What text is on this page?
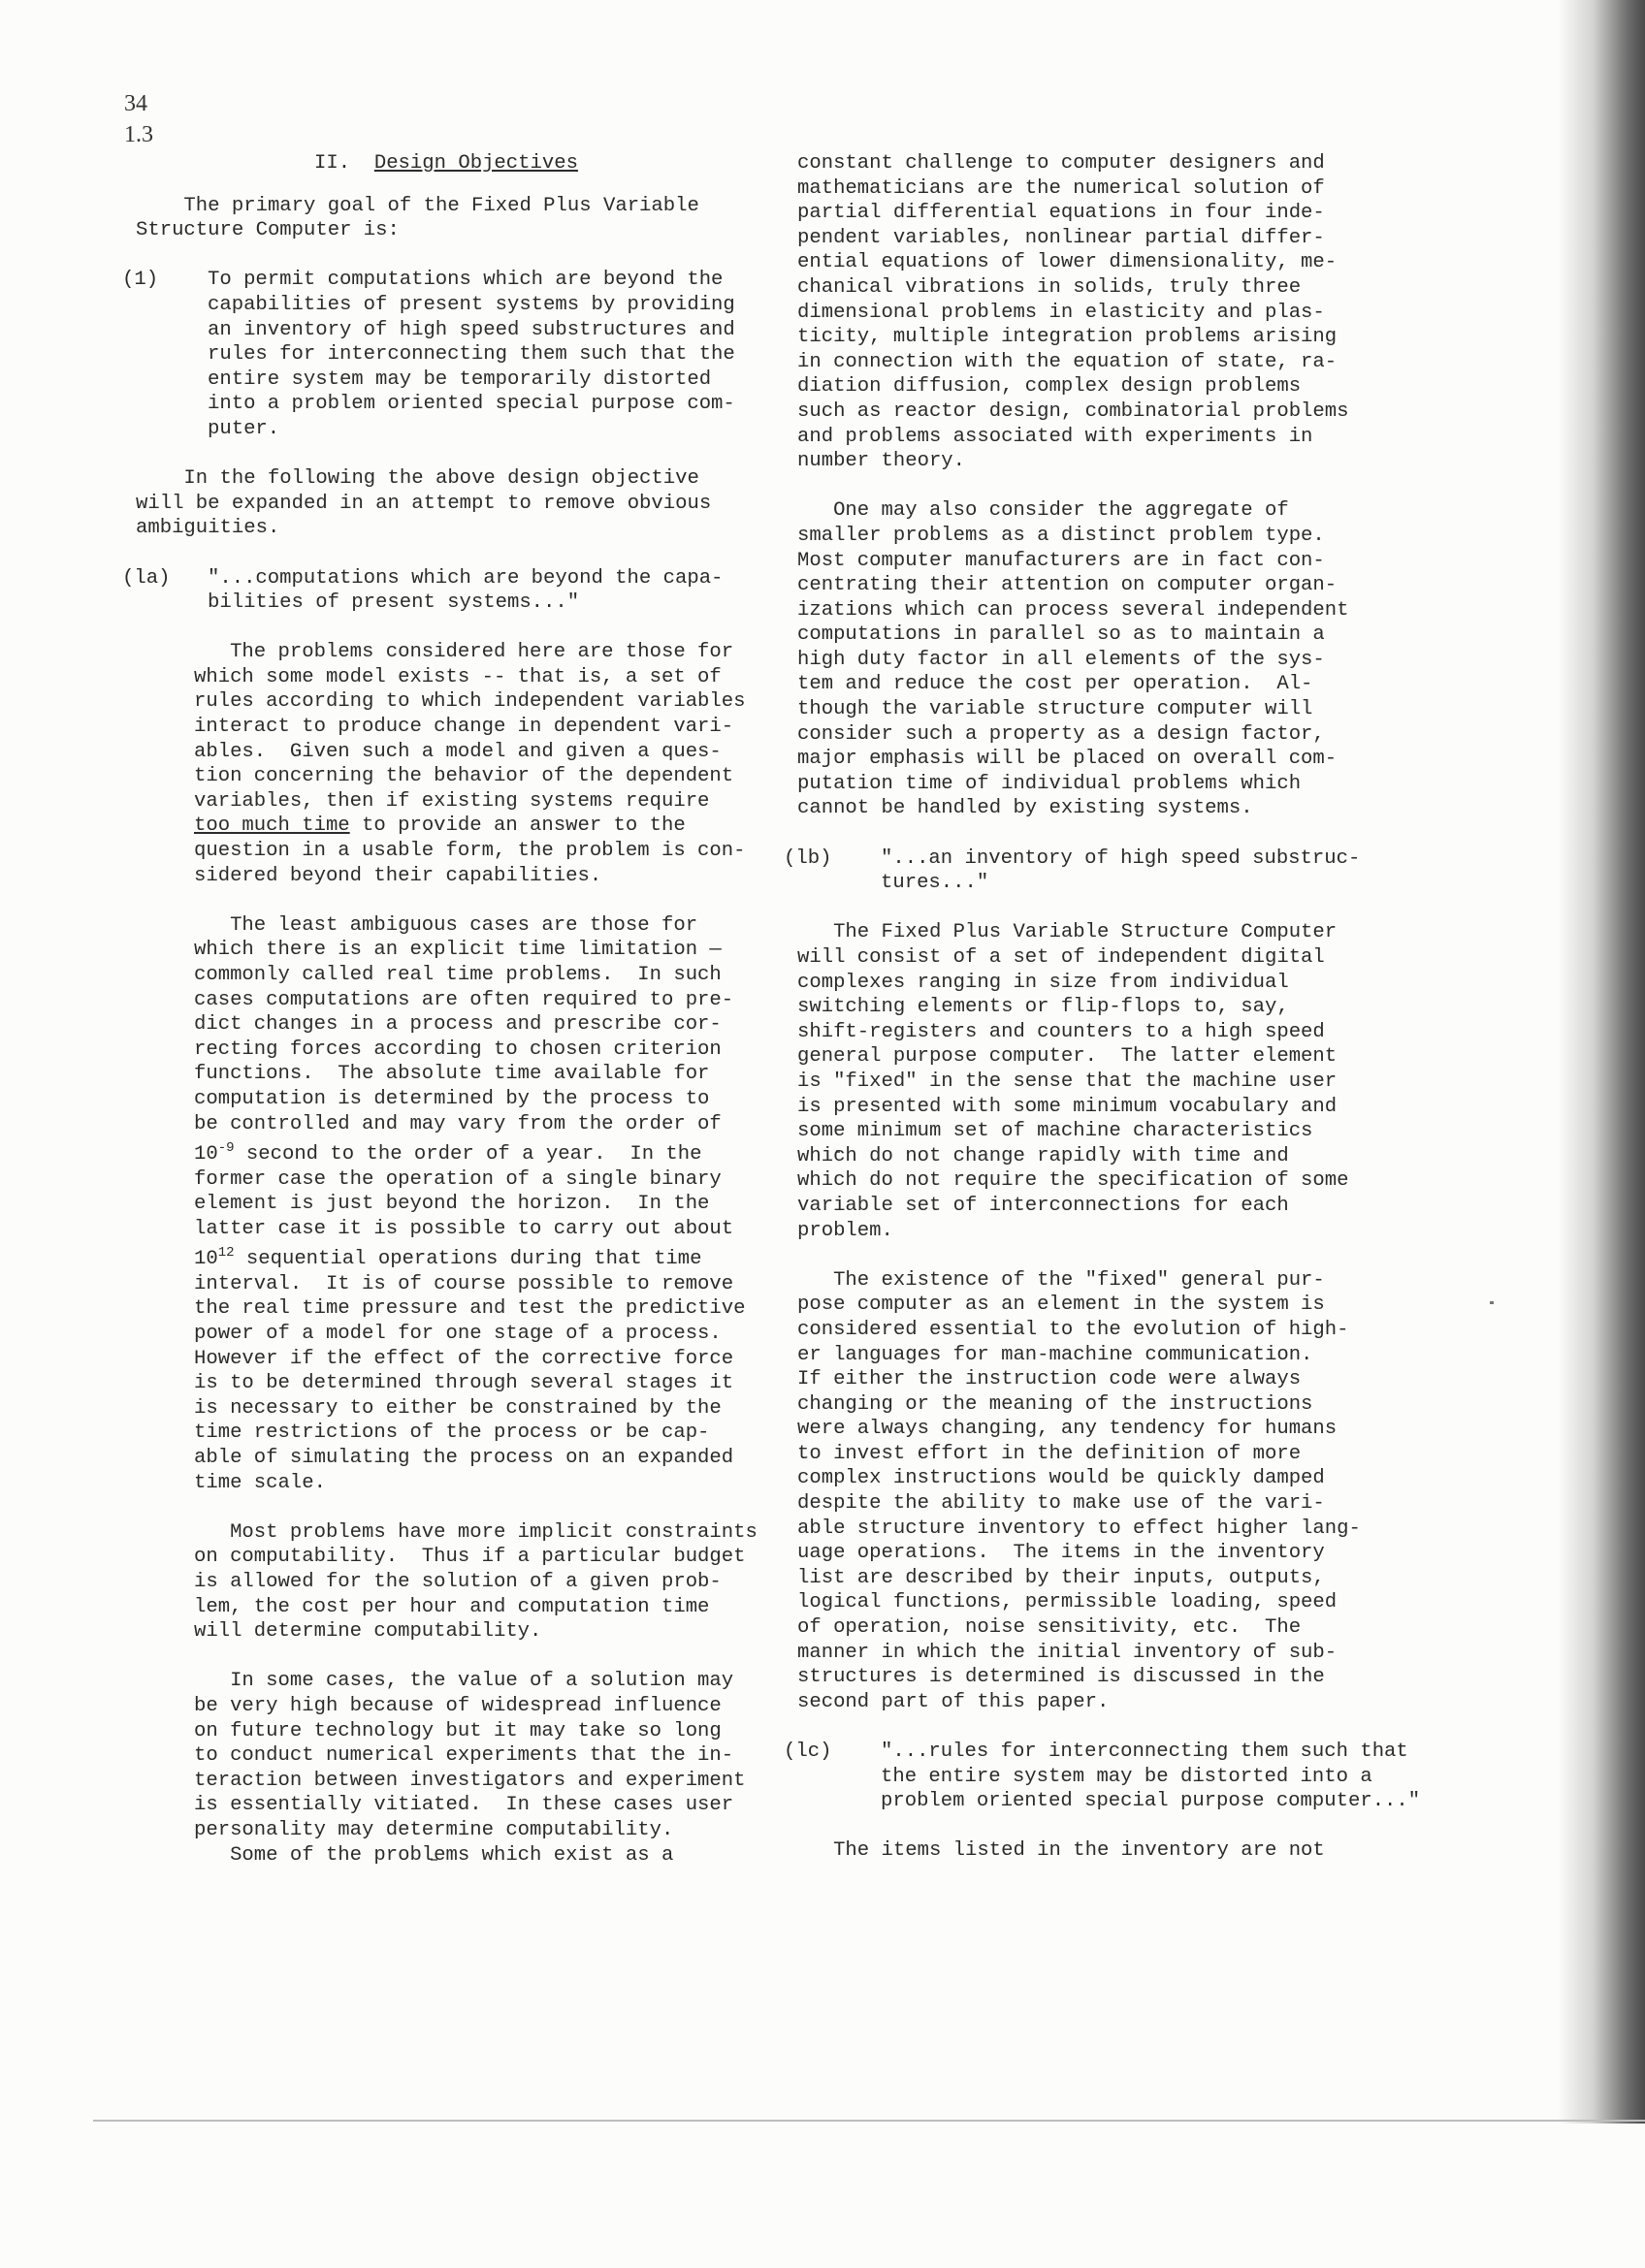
34
1.3

II. Design Objectives

The primary goal of the Fixed Plus Variable

Structure Computer is:

(1) To permit computations which are beyond the

capabilities of present systems by providing

an inventory of high speed substructures and

rules for interconnecting them such that the

entire system may be temporarily distorted

into a problem oriented special purpose com-

puter.

In the following the above design objective

will be expanded in an attempt to remove obvious

ambiguities.

(la) "...computations which are beyond the capa-

bilities of present systems..."

The problems considered here are those for

which some model exists -- that is, a set of

rules according to which independent variables

interact to produce change in dependent vari-

ables.  Given such a model and given a ques-

tion concerning the behavior of the dependent

variables, then if existing systems require

too much time to provide an answer to the

question in a usable form, the problem is con-

sidered beyond their capabilities.

The least ambiguous cases are those for

which there is an explicit time limitation —

commonly called real time problems.  In such

cases computations are often required to pre-

dict changes in a process and prescribe cor-

recting forces according to chosen criterion

functions.  The absolute time available for

computation is determined by the process to

be controlled and may vary from the order of

$10^{-9}$ second to the order of a year.  In the

former case the operation of a single binary

element is just beyond the horizon.  In the

latter case it is possible to carry out about

$10^{12}$ sequential operations during that time

interval.  It is of course possible to remove

the real time pressure and test the predictive

power of a model for one stage of a process.

However if the effect of the corrective force

is to be determined through several stages it

is necessary to either be constrained by the

time restrictions of the process or be cap-

able of simulating the process on an expanded

time scale.

Most problems have more implicit constraints

on computability.  Thus if a particular budget

is allowed for the solution of a given prob-

lem, the cost per hour and computation time

will determine computability.

In some cases, the value of a solution may

be very high because of widespread influence

on future technology but it may take so long

to conduct numerical experiments that the in-

teraction between investigators and experiment

is essentially vitiated.  In these cases user

personality may determine computability.

Some of the problems which exist as a

constant challenge to computer designers and

mathematicians are the numerical solution of

partial differential equations in four inde-

pendent variables, nonlinear partial differ-

ential equations of lower dimensionality, me-

chanical vibrations in solids, truly three

dimensional problems in elasticity and plas-

ticity, multiple integration problems arising

in connection with the equation of state, ra-

diation diffusion, complex design problems

such as reactor design, combinatorial problems

and problems associated with experiments in

number theory.

One may also consider the aggregate of

smaller problems as a distinct problem type.

Most computer manufacturers are in fact con-

centrating their attention on computer organ-

izations which can process several independent

computations in parallel so as to maintain a

high duty factor in all elements of the sys-

tem and reduce the cost per operation.  Al-

though the variable structure computer will

consider such a property as a design factor,

major emphasis will be placed on overall com-

putation time of individual problems which

cannot be handled by existing systems.

(lb) "...an inventory of high speed substruc-

tures..."

The Fixed Plus Variable Structure Computer

will consist of a set of independent digital

complexes ranging in size from individual

switching elements or flip-flops to, say,

shift-registers and counters to a high speed

general purpose computer.  The latter element

is "fixed" in the sense that the machine user

is presented with some minimum vocabulary and

some minimum set of machine characteristics

which do not change rapidly with time and

which do not require the specification of some

variable set of interconnections for each

problem.

The existence of the "fixed" general pur-

pose computer as an element in the system is

considered essential to the evolution of high-

er languages for man-machine communication.

If either the instruction code were always

changing or the meaning of the instructions

were always changing, any tendency for humans

to invest effort in the definition of more

complex instructions would be quickly damped

despite the ability to make use of the vari-

able structure inventory to effect higher lang-

uage operations.  The items in the inventory

list are described by their inputs, outputs,

logical functions, permissible loading, speed

of operation, noise sensitivity, etc.  The

manner in which the initial inventory of sub-

structures is determined is discussed in the

second part of this paper.

(lc) "...rules for interconnecting them such that

the entire system may be distorted into a

problem oriented special purpose computer..."

The items listed in the inventory are not
